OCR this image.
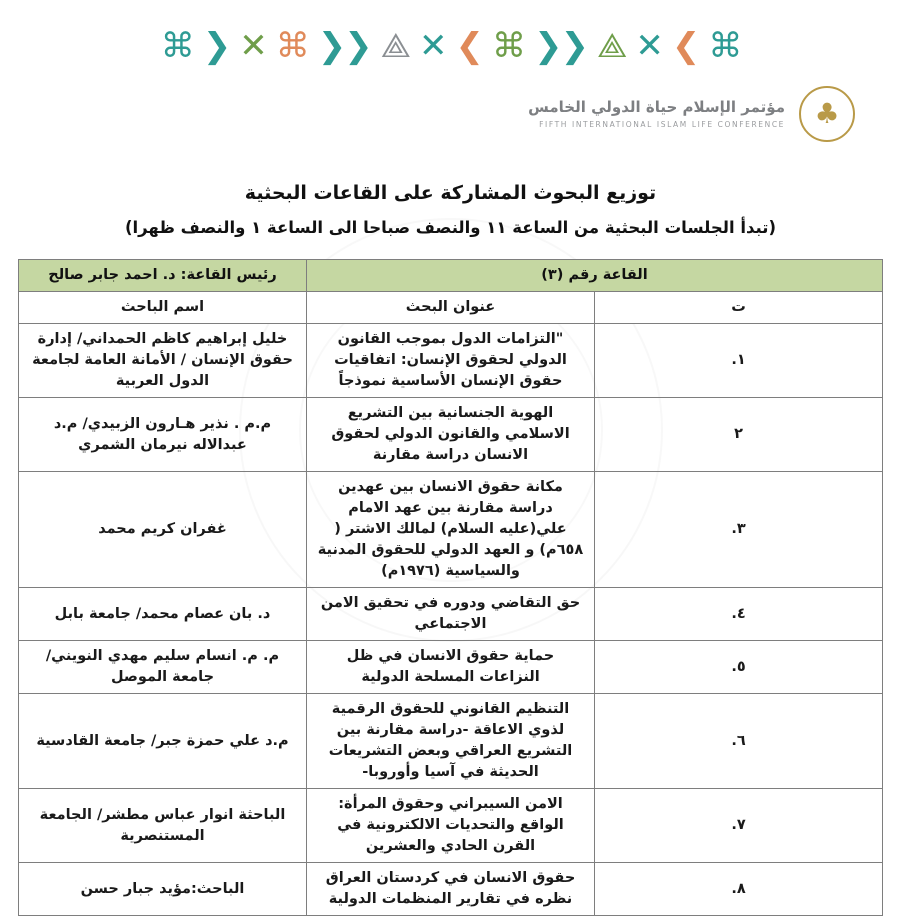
⌘
❯
✕
⟁
❮❮
⌘
❯
✕
⟁
❮❮
⌘
✕
❮
⌘
♣
مؤتمر الإسلام حياة الدولي الخامس
FIFTH INTERNATIONAL ISLAM LIFE CONFERENCE
توزيع البحوث المشاركة على القاعات البحثية
(تبدأ الجلسات البحثية من الساعة ١١ والنصف صباحا الى الساعة ١ والنصف ظهرا)
القاعة رقم (٣)		رئيس القاعة: د. احمد جابر صالح
ت	عنوان البحث	اسم الباحث
١.	"التزامات الدول بموجب القانون الدولي لحقوق الإنسان: اتفاقيات حقوق الإنسان الأساسية نموذجاً	خليل إبراهيم كاظم الحمداني/ إدارة حقوق الإنسان / الأمانة العامة لجامعة الدول العربية
٢	الهوية الجنسانية بين التشريع الاسلامي والقانون الدولي لحقوق الانسان دراسة مقارنة	م.م . نذير هـارون الزبيدي/ م.د عبدالاله نيرمان الشمري
٣.	مكانة حقوق الانسان بين عهدين دراسة مقارنة بين عهد الامام علي(عليه السلام) لمالك الاشتر ( ٦٥٨م) و العهد الدولي للحقوق المدنية والسياسية (١٩٧٦م)	غفران كريم محمد
٤.	حق التقاضي ودوره في تحقيق الامن الاجتماعي	د. بان عصام محمد/ جامعة بابل
٥.	حماية حقوق الانسان في ظل النزاعات المسلحة الدولية	م. م. انسام سليم مهدي النويني/ جامعة الموصل
٦.	التنظيم القانوني للحقوق الرقمية لذوي الاعاقة -دراسة مقارنة بين التشريع العراقي وبعض التشريعات الحديثة في آسيا وأوروبا-	م.د علي حمزة جبر/ جامعة القادسية
٧.	الامن السيبراني وحقوق المرأة: الواقع والتحديات الالكترونية في القرن الحادي والعشرين	الباحثة انوار عباس مطشر/ الجامعة المستنصرية
٨.	حقوق الانسان في كردستان العراق نظره في تقارير المنظمات الدولية	الباحث:مؤيد جبار حسن
